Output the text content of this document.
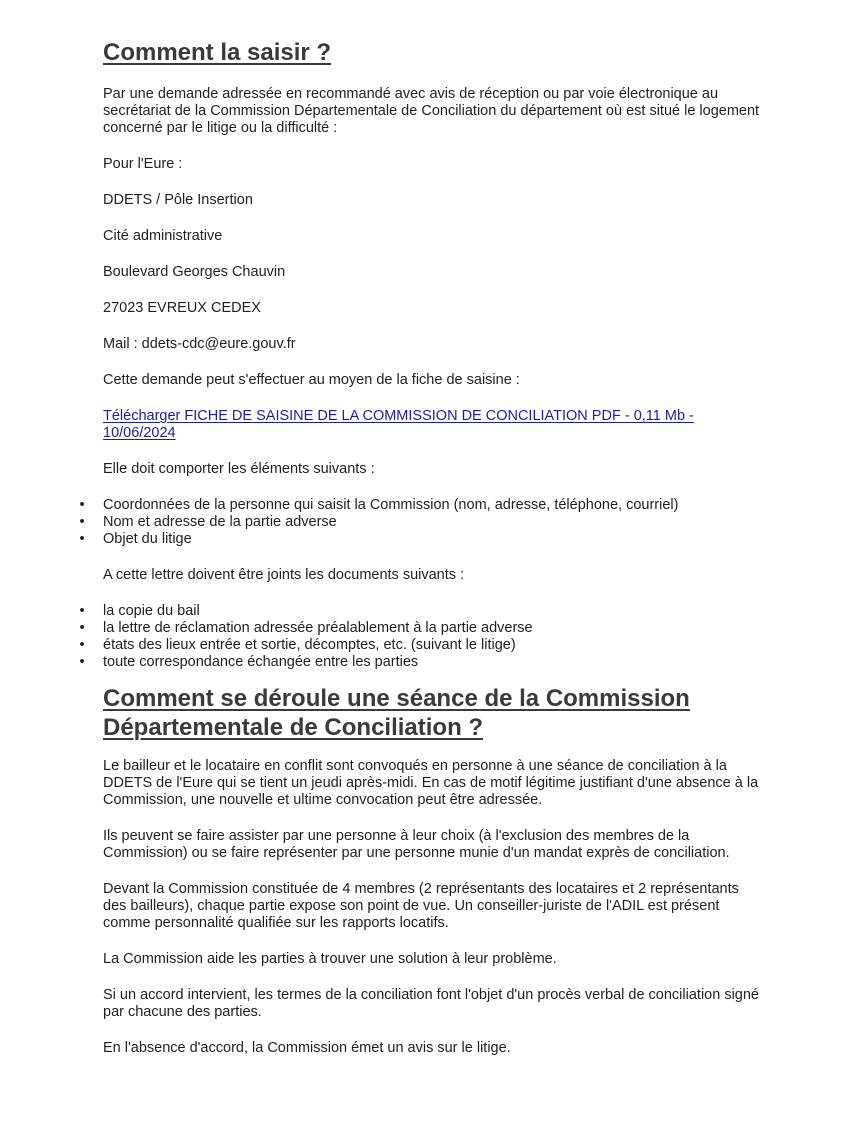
Comment la saisir ?

Par une demande adressée en recommandé avec avis de réception ou par voie électronique au secrétariat de la Commission Départementale de Conciliation du département où est situé le logement concerné par le litige ou la difficulté :

Pour l'Eure :

DDETS / Pôle Insertion

Cité administrative

Boulevard Georges Chauvin

27023 EVREUX CEDEX

Mail : ddets-cdc@eure.gouv.fr

Cette demande peut s'effectuer au moyen de la fiche de saisine :

Télécharger FICHE DE SAISINE DE LA COMMISSION DE CONCILIATION PDF - 0,11 Mb - 10/06/2024

Elle doit comporter les éléments suivants :

• Coordonnées de la personne qui saisit la Commission (nom, adresse, téléphone, courriel)
• Nom et adresse de la partie adverse
• Objet du litige

A cette lettre doivent être joints les documents suivants :

• la copie du bail
• la lettre de réclamation adressée préalablement à la partie adverse
• états des lieux entrée et sortie, décomptes, etc. (suivant le litige)
• toute correspondance échangée entre les parties
Comment se déroule une séance de la Commission Départementale de Conciliation ?

Le bailleur et le locataire en conflit sont convoqués en personne à une séance de conciliation à la DDETS de l'Eure qui se tient un jeudi après-midi. En cas de motif légitime justifiant d'une absence à la Commission, une nouvelle et ultime convocation peut être adressée.

Ils peuvent se faire assister par une personne à leur choix (à l'exclusion des membres de la Commission) ou se faire représenter par une personne munie d'un mandat exprès de conciliation.

Devant la Commission constituée de 4 membres (2 représentants des locataires et 2 représentants des bailleurs), chaque partie expose son point de vue. Un conseiller-juriste de l'ADIL est présent comme personnalité qualifiée sur les rapports locatifs.

La Commission aide les parties à trouver une solution à leur problème.

Si un accord intervient, les termes de la conciliation font l'objet d'un procès verbal de conciliation signé par chacune des parties.

En l'absence d'accord, la Commission émet un avis sur le litige.
